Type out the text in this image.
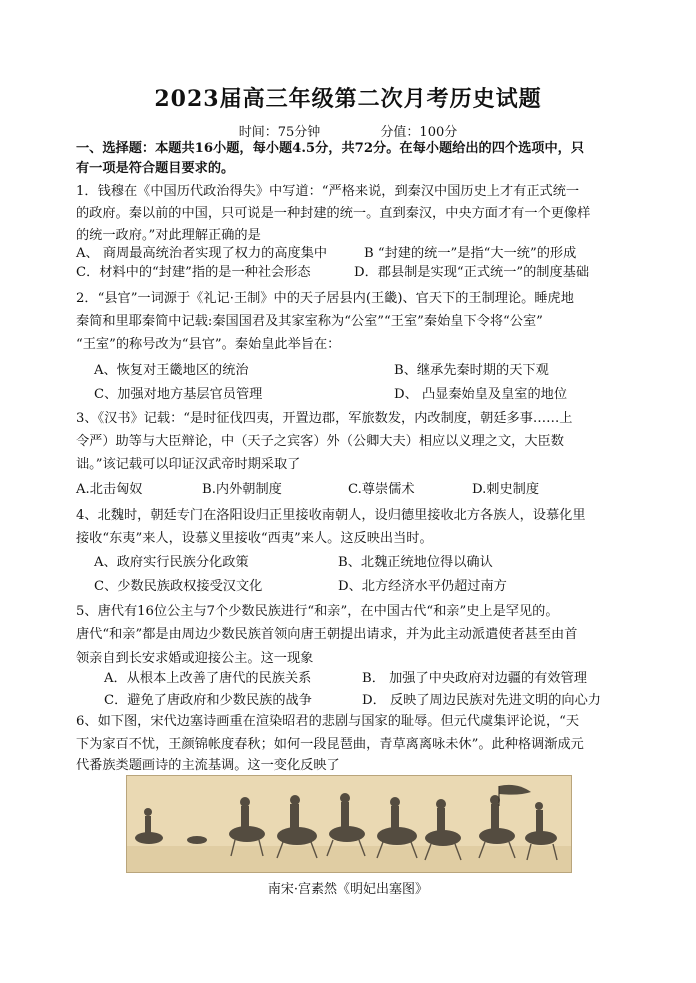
2023届高三年级第二次月考历史试题
时间：75分钟	分值：100分
一、选择题：本题共16小题，每小题4.5分，共72分。在每小题给出的四个选项中，只
有一项是符合题目要求的。
1．钱穆在《中国历代政治得失》中写道：“严格来说，到秦汉中国历史上才有正式统一
的政府。秦以前的中国，只可说是一种封建的统一。直到秦汉，中央方面才有一个更像样
的统一政府。”对此理解正确的是
A、 商周最高统治者实现了权力的高度集中	B “封建的统一”是指“大一统”的形成
C．材料中的“封建”指的是一种社会形态	D．郡县制是实现“正式统一”的制度基础
2．“县官”一词源于《礼记·王制》中的天子居县内(王畿)、官天下的王制理论。睡虎地
秦简和里耶秦简中记载:秦国国君及其家室称为“公室”“王室”秦始皇下令将“公室”
“王室”的称号改为“县官”。秦始皇此举旨在：
A、恢复对王畿地区的统治	B、继承先秦时期的天下观
C、加强对地方基层官员管理	D、 凸显秦始皇及皇室的地位
3、《汉书》记载：“是时征伐四夷，开置边郡，军旅数发，内改制度，朝廷多事……上
令严）助等与大臣辩论，中（天子之宾客）外（公卿大夫）相应以义理之文，大臣数
诎。”该记载可以印证汉武帝时期采取了
A.北击匈奴	B.内外朝制度	C.尊崇儒术	D.刺史制度
4、北魏时，朝廷专门在洛阳设归正里接收南朝人，设归德里接收北方各族人，设慕化里
接收“东夷”来人，设慕义里接收“西夷”来人。这反映出当时。
A、政府实行民族分化政策	B、北魏正统地位得以确认
C、少数民族政权接受汉文化	D、北方经济水平仍超过南方
5、唐代有16位公主与7个少数民族进行“和亲”，在中国古代“和亲”史上是罕见的。
唐代“和亲”都是由周边少数民族首领向唐王朝提出请求，并为此主动派遣使者甚至由首
领亲自到长安求婚或迎接公主。这一现象
A．从根本上改善了唐代的民族关系	B． 加强了中央政府对边疆的有效管理
C．避免了唐政府和少数民族的战争	D． 反映了周边民族对先进文明的向心力
6、如下图，宋代边塞诗画重在渲染昭君的悲剧与国家的耻辱。但元代虞集评论说，“天
下为家百不忧，王颜锦帐度春秋；如何一段昆琶曲，青草离离咏未休”。此种格调渐成元
代番族类题画诗的主流基调。这一变化反映了
南宋·宫素然《明妃出塞图》
